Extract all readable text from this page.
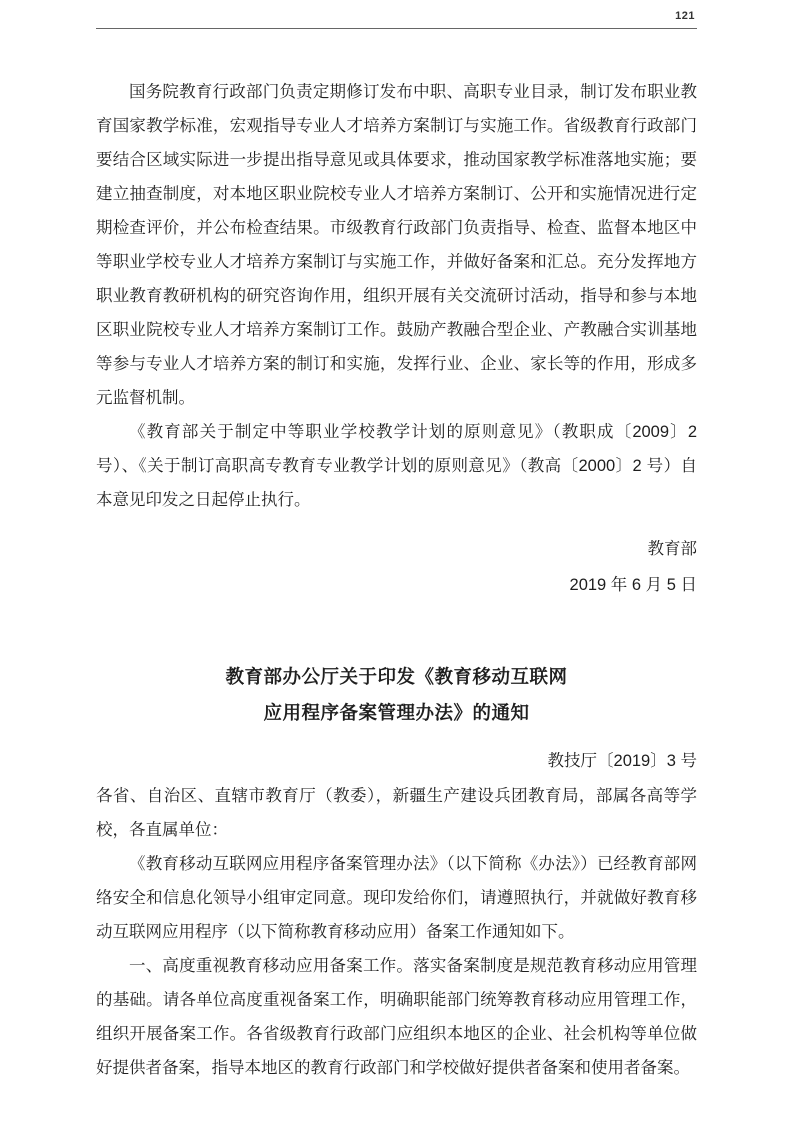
121

国务院教育行政部门负责定期修订发布中职、高职专业目录，制订发布职业教育国家教学标准，宏观指导专业人才培养方案制订与实施工作。省级教育行政部门要结合区域实际进一步提出指导意见或具体要求，推动国家教学标准落地实施；要建立抽查制度，对本地区职业院校专业人才培养方案制订、公开和实施情况进行定期检查评价，并公布检查结果。市级教育行政部门负责指导、检查、监督本地区中等职业学校专业人才培养方案制订与实施工作，并做好备案和汇总。充分发挥地方职业教育教研机构的研究咨询作用，组织开展有关交流研讨活动，指导和参与本地区职业院校专业人才培养方案制订工作。鼓励产教融合型企业、产教融合实训基地等参与专业人才培养方案的制订和实施，发挥行业、企业、家长等的作用，形成多元监督机制。

《教育部关于制定中等职业学校教学计划的原则意见》（教职成〔2009〕2 号）、《关于制订高职高专教育专业教学计划的原则意见》（教高〔2000〕2 号）自本意见印发之日起停止执行。

教育部

2019 年 6 月 5 日

教育部办公厅关于印发《教育移动互联网
应用程序备案管理办法》的通知

教技厅〔2019〕3 号

各省、自治区、直辖市教育厅（教委），新疆生产建设兵团教育局，部属各高等学校，各直属单位：

《教育移动互联网应用程序备案管理办法》（以下简称《办法》）已经教育部网络安全和信息化领导小组审定同意。现印发给你们，请遵照执行，并就做好教育移动互联网应用程序（以下简称教育移动应用）备案工作通知如下。

一、高度重视教育移动应用备案工作。落实备案制度是规范教育移动应用管理的基础。请各单位高度重视备案工作，明确职能部门统筹教育移动应用管理工作，组织开展备案工作。各省级教育行政部门应组织本地区的企业、社会机构等单位做好提供者备案，指导本地区的教育行政部门和学校做好提供者备案和使用者备案。
